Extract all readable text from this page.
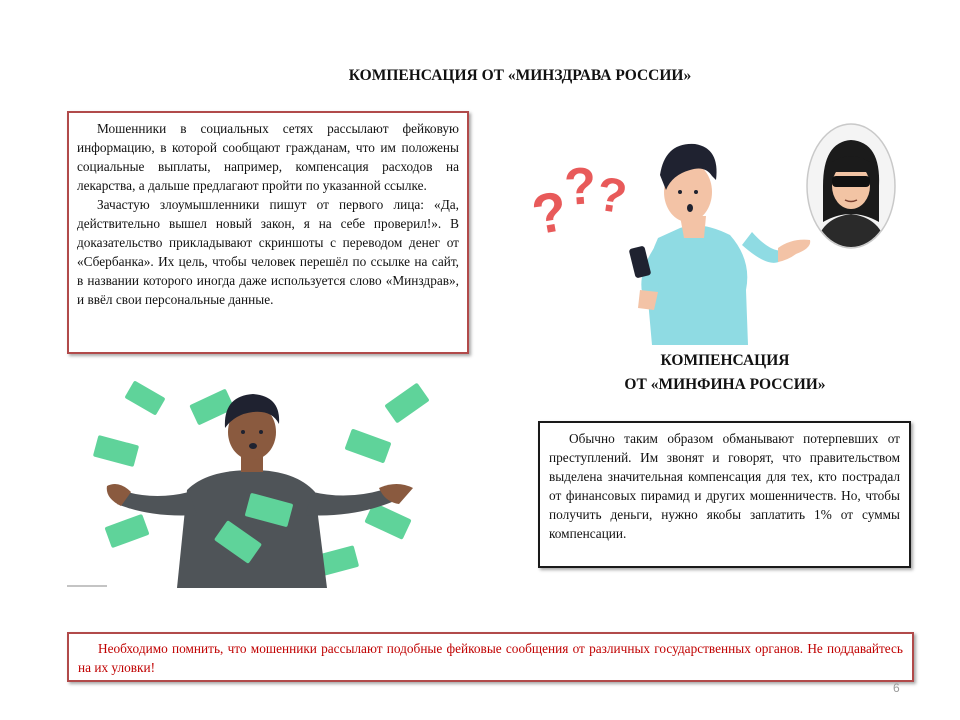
КОМПЕНСАЦИЯ ОТ «МИНЗДРАВА РОССИИ»

Мошенники в социальных сетях рассылают фейковую информацию, в которой сообщают гражданам, что им положены социальные выплаты, например, компенсация расходов на лекарства, а дальше предлагают пройти по указанной ссылке.

Зачастую злоумышленники пишут от первого лица: «Да, действительно вышел новый закон, я на себе проверил!». В доказательство прикладывают скриншоты с переводом денег от «Сбербанка». Их цель, чтобы человек перешёл по ссылке на сайт, в названии которого иногда даже используется слово «Минздрав», и ввёл свои персональные данные.

?
?
?
КОМПЕНСАЦИЯ
ОТ «МИНФИНА РОССИИ»

Обычно таким образом обманывают потерпевших от преступлений. Им звонят и говорят, что правительством выделена значительная компенсация для тех, кто пострадал от финансовых пирамид и других мошенничеств. Но, чтобы получить деньги, нужно якобы заплатить 1% от суммы компенсации.

Необходимо помнить, что мошенники рассылают подобные фейковые сообщения от различных государственных органов. Не поддавайтесь на их уловки!

6
